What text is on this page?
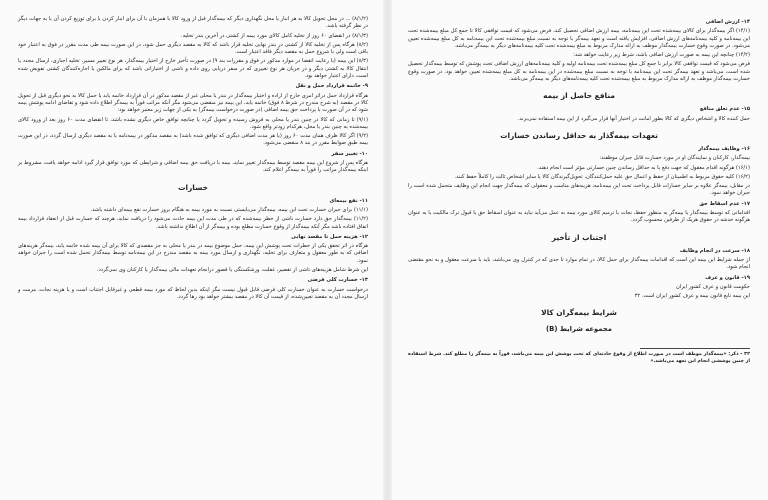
(۸/۱/۲) ... در محل تحویل کالا به هر انبار یا محل نگهداری دیگر که بیمه‌گذار قبل از ورود کالا یا همزمان با آن برای انبار کردن یا برای توزیع کردن آن یا به جهات دیگر در نظر گرفته باشد.

(۸/۱/۳) در انقضای ۶۰ روز از تخلیه کامل کالای مورد بیمه از کشتی در آخرین بندر تخلیه.

(۸/۲) هرگاه پس از تخلیه کالا از کشتی در بندر نهایی تخلیه قرار باشد که کالا به مقصد دیگری حمل شود، در این صورت بیمه طی مدت مقرر در فوق به اعتبار خود باقی است ولی با شروع حمل به مقصد دیگر فاقد اعتبار است.

(۸/۳) این بیمه (با رعایت انقضا در موارد مذکور در فوق و مقررات بند ۹) در صورت تأخیر خارج از اختیار بیمه‌گذار، هر نوع تغییر مسیر، تخلیه اجباری، ارسال مجدد یا انتقال کالا به کشتی دیگر و در جریان هر نوع تغییری که در سفر دریایی روی داده و ناشی از اختیاراتی باشد که برای مالکین یا اجاره‌کنندگان کشتی تفویض شده است، دارای اعتبار خواهد بود.

۹- خاتمه قرارداد حمل و نقل

هرگاه قرارداد حمل دراثر امری خارج از اراده و اختیار بیمه‌گذار در بندر یا محلی غیر از مقصد مذکور در آن قرارداد خاتمه یابد یا حمل کالا به نحو دیگری قبل از تحویل کالا در مقصد (به شرح مندرج در شرط ۸ فوق) خاتمه یابد، این بیمه نیز منقضی می‌شود مگر آنکه مراتب فوراً به بیمه‌گر اطلاع داده شود و تقاضای ادامه پوشش بیمه شود که در آن صورت با پرداخت حق بیمه اضافی (در صورت درخواست بیمه‌گر) به یکی از جهات زیر معتبر خواهد بود:

(۹/۱) تا زمانی که کالا در چنین بندر یا محلی به فروش رسیده و تحویل گردد یا چنانچه توافق خاص دیگری نشده باشد، تا انقضای مدت ۶۰ روز بعد از ورود کالای بیمه‌شده به چنین بندر یا محل، هرکدام زودتر واقع شود.

(۹/۲) اگر کالا ظرف همان مدت ۶۰ روز (یا هر مدت اضافی دیگری که توافق شده باشد) به مقصد مذکور در بیمه‌نامه یا به مقصد دیگری ارسال گردد، در این صورت بیمه طبق ضوابط مقرر در بند ۸ منقضی می‌شود.

۱۰- تغییر سفر

هرگاه پس از شروع این بیمه مقصد توسط بیمه‌گذار تغییر نماید، بیمه با دریافت حق بیمه اضافی و شرایطی که مورد توافق قرار گیرد ادامه خواهد یافت، مشروط بر اینکه بیمه‌گذار مراتب را فوراً به بیمه‌گر اعلام کند.

خسارات

۱۱- نفع بیمه‌ای

(۱۱/۱) برای جبران خسارت تحت این بیمه، بیمه‌گذار می‌بایستی نسبت به مورد بیمه به هنگام بروز خسارت نفع بیمه‌ای داشته باشد.

(۱۱/۲) بیمه‌گذار حق دارد خسارت ناشی از خطر بیمه‌شده که در طی مدت این بیمه حادث می‌شود را دریافت نماید، هرچند که خسارت قبل از انعقاد قرارداد بیمه اتفاق افتاده باشد مگر آنکه بیمه‌گذار از وقوع خسارت مطلع بوده و بیمه‌گر از آن اطلاع نداشته باشد.

۱۲- هزینه حمل تا مقصد نهایی

هرگاه در اثر تحقق یکی از خطرات تحت پوشش این بیمه، حمل موضوع بیمه در بندر یا محلی به جز مقصدی که کالا برای آن بیمه شده خاتمه یابد، بیمه‌گر هزینه‌های اضافی که به طور معقول و متعارف برای تخلیه، نگهداری و ارسال مورد بیمه به مقصد مندرج در این بیمه‌نامه توسط بیمه‌گذار تحمل شده است را جبران خواهد نمود.

این شرط شامل هزینه‌های ناشی از تقصیر، غفلت، ورشکستگی یا قصور درانجام تعهدات مالی بیمه‌گذار یا کارکنان وی نمی‌گردد.

۱۳- خسارت کلی فرضی

درخواست خسارت به عنوان خسارت کلی فرضی قابل قبول نیست مگر اینکه بدین لحاظ که مورد بیمه قطعی و غیرقابل اجتناب است و یا هزینه نجات، مرمت و ارسال مجدد آن به مقصد تعیین‌شده، از قیمت آن کالا در مقصد بیشتر خواهد بود رها گردد.

۱۴- ارزش اضافی

(۱۴/۱) اگر بیمه‌گذار برای کالای بیمه‌شده تحت این بیمه‌نامه، بیمه ارزش اضافی تحصیل کند، فرض می‌شود که قیمت توافقی کالا تا جمع کل مبلغ بیمه‌شده تحت این بیمه‌نامه و کلیه بیمه‌نامه‌های ارزش اضافی، افزایش یافته است و تعهد بیمه‌گر با توجه به نسبت مبلغ بیمه‌شده تحت این بیمه‌نامه به کل مبلغ بیمه‌شده تعیین می‌شود. در صورت وقوع خسارت بیمه‌گذار موظف به ارائه مدارک مربوط به مبلغ بیمه‌شده تحت کلیه بیمه‌نامه‌های دیگر به بیمه‌گر می‌باشد.

(۱۴/۲) چنانچه این بیمه به صورت ارزش اضافی باشد، شرط زیر رعایت خواهد شد:

فرض می‌شود که قیمت توافقی کالا برابر با جمع کل مبلغ بیمه‌شده تحت بیمه‌نامه اولیه و کلیه بیمه‌نامه‌های ارزش اضافی تحت پوشش که توسط بیمه‌گذار تحصیل شده است، می‌باشد و تعهد بیمه‌گر تحت این بیمه‌نامه با توجه به نسبت مبلغ بیمه‌شده در این بیمه‌نامه به کل مبلغ بیمه‌شده تعیین خواهد بود. در صورت وقوع خسارت بیمه‌گذار موظف به ارائه مدارک مربوط به مبلغ بیمه‌شده تحت کلیه بیمه‌نامه‌های دیگر به بیمه‌گر می‌باشد.

منافع حاصل از بیمه

۱۵- عدم تعلق منافع

حمل کننده کالا و اشخاص دیگری که کالا بطور امانت در اختیار آنها قرار می‌گیرد از این بیمه استفاده نمی‌برند.

تعهدات بیمه‌گذار به حداقل رساندن خسارات

۱۶- وظایف بیمه‌گذار

بیمه‌گذار، کارکنان و نمایندگان او در مورد خسارت قابل جبران موظفند:

(۱۶/۱) هرگونه اقدام معقول که جهت دفع یا به حداقل رساندن چنین خسارتی مؤثر است انجام دهند.

(۱۶/۲) کلیه حقوق مربوط به اطمینان از حفظ و اعمال حق علیه حمل‌کنندگان، تحویل‌گیرندگان کالا یا سایر اشخاص ثالث را کاملاً حفظ کنند.

در مقابل، بیمه‌گر علاوه بر سایر خسارات قابل پرداخت تحت این بیمه‌نامه، هزینه‌های مناسب و معقولی که بیمه‌گذار جهت انجام این وظایف متحمل شده است را جبران خواهد نمود.

۱۷- عدم اسقاط حق

اقداماتی که توسط بیمه‌گذار یا بیمه‌گر به منظور حفظ، نجات یا ترمیم کالای مورد بیمه به عمل می‌آید نباید به عنوان اسقاط حق یا قبول ترک مالکیت یا به عنوان هرگونه خدشه در حقوق هریک از طرفین محسوب گردد.

اجتناب از تأخیر

۱۸- سرعت در انجام وظایف

از جمله شرایط این بیمه این است که اقدامات بیمه‌گذار برای حمل کالا، در تمام موارد تا حدی که در کنترل وی می‌باشد، باید با سرعت معقول و به نحو مقتضی انجام شود.

۱۹- قانون و عرف

حکومت قانون و عرف کشور ایران

این بیمه تابع قانون بیمه و عرف کشور ایران است. ۳۲

شرایط بیمه‌گران کالا
مجموعه شرایط (B)

۳۲ - ذکر: «بیمه‌گذار موظف است در صورت اطلاع از وقوع حادثه‌ای که تحت پوشش این بیمه می‌باشد، فوراً به بیمه‌گر را مطلع کند. شرط استفاده از چنین پوششی انجام این تعهد می‌باشد.»
